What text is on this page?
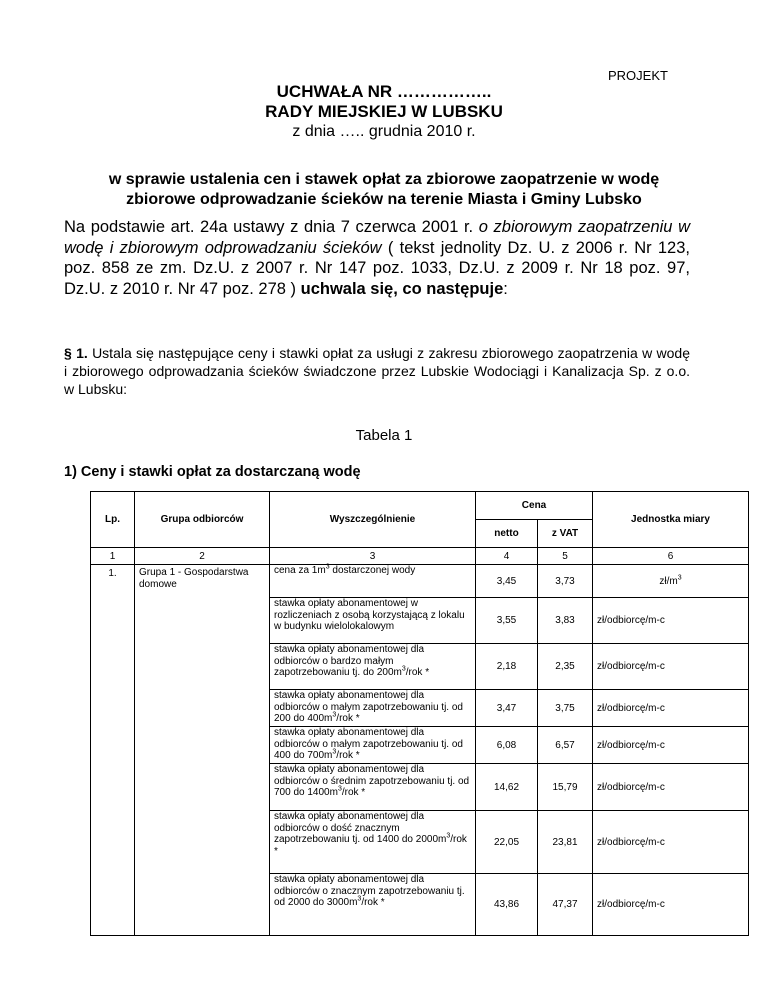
PROJEKT
UCHWAŁA NR ……………..
RADY MIEJSKIEJ W LUBSKU
z dnia ….. grudnia 2010 r.
w sprawie ustalenia cen i stawek opłat za zbiorowe zaopatrzenie w wodę
zbiorowe odprowadzanie ścieków na terenie Miasta i Gminy Lubsko
Na podstawie art. 24a ustawy z dnia 7 czerwca 2001 r. o zbiorowym zaopatrzeniu w wodę i zbiorowym odprowadzaniu ścieków ( tekst jednolity Dz. U. z 2006 r. Nr 123, poz. 858 ze zm. Dz.U. z 2007 r. Nr 147 poz. 1033, Dz.U. z 2009 r. Nr 18 poz. 97, Dz.U. z 2010 r. Nr 47 poz. 278 ) uchwala się, co następuje:
§ 1. Ustala się następujące ceny i stawki opłat za usługi z zakresu zbiorowego zaopatrzenia w wodę i zbiorowego odprowadzania ścieków świadczone przez Lubskie Wodociągi i Kanalizacja Sp. z o.o. w Lubsku:
Tabela 1
1) Ceny i stawki opłat za dostarczaną wodę
Lp.	Grupa odbiorców	Wyszczególnienie	Cena		Jednostka miary
			netto	z VAT	
1	2	3	4	5	6
1.	Grupa 1 - Gospodarstwa domowe	cena za $1m^3$ dostarczonej wody	3,45	3,73	$zł/m^3$
		stawka opłaty abonamentowej w rozliczeniach z osobą korzystającą z lokalu w budynku wielolokalowym	3,55	3,83	zł/odbiorcę/m-c
		stawka opłaty abonamentowej dla odbiorców o bardzo małym zapotrzebowaniu tj. do $200m^3$/rok *	2,18	2,35	zł/odbiorcę/m-c
		stawka opłaty abonamentowej dla odbiorców o małym zapotrzebowaniu tj. od 200 do $400m^3$/rok *	3,47	3,75	zł/odbiorcę/m-c
		stawka opłaty abonamentowej dla odbiorców o małym zapotrzebowaniu tj. od 400 do $700m^3$/rok *	6,08	6,57	zł/odbiorcę/m-c
		stawka opłaty abonamentowej dla odbiorców o średnim zapotrzebowaniu tj. od 700 do $1400m^3$/rok *	14,62	15,79	zł/odbiorcę/m-c
		stawka opłaty abonamentowej dla odbiorców o dość znacznym zapotrzebowaniu tj. od 1400 do $2000m^3$/rok *	22,05	23,81	zł/odbiorcę/m-c
		stawka opłaty abonamentowej dla odbiorców o znacznym zapotrzebowaniu tj. od 2000 do $3000m^3$/rok *	43,86	47,37	zł/odbiorcę/m-c
